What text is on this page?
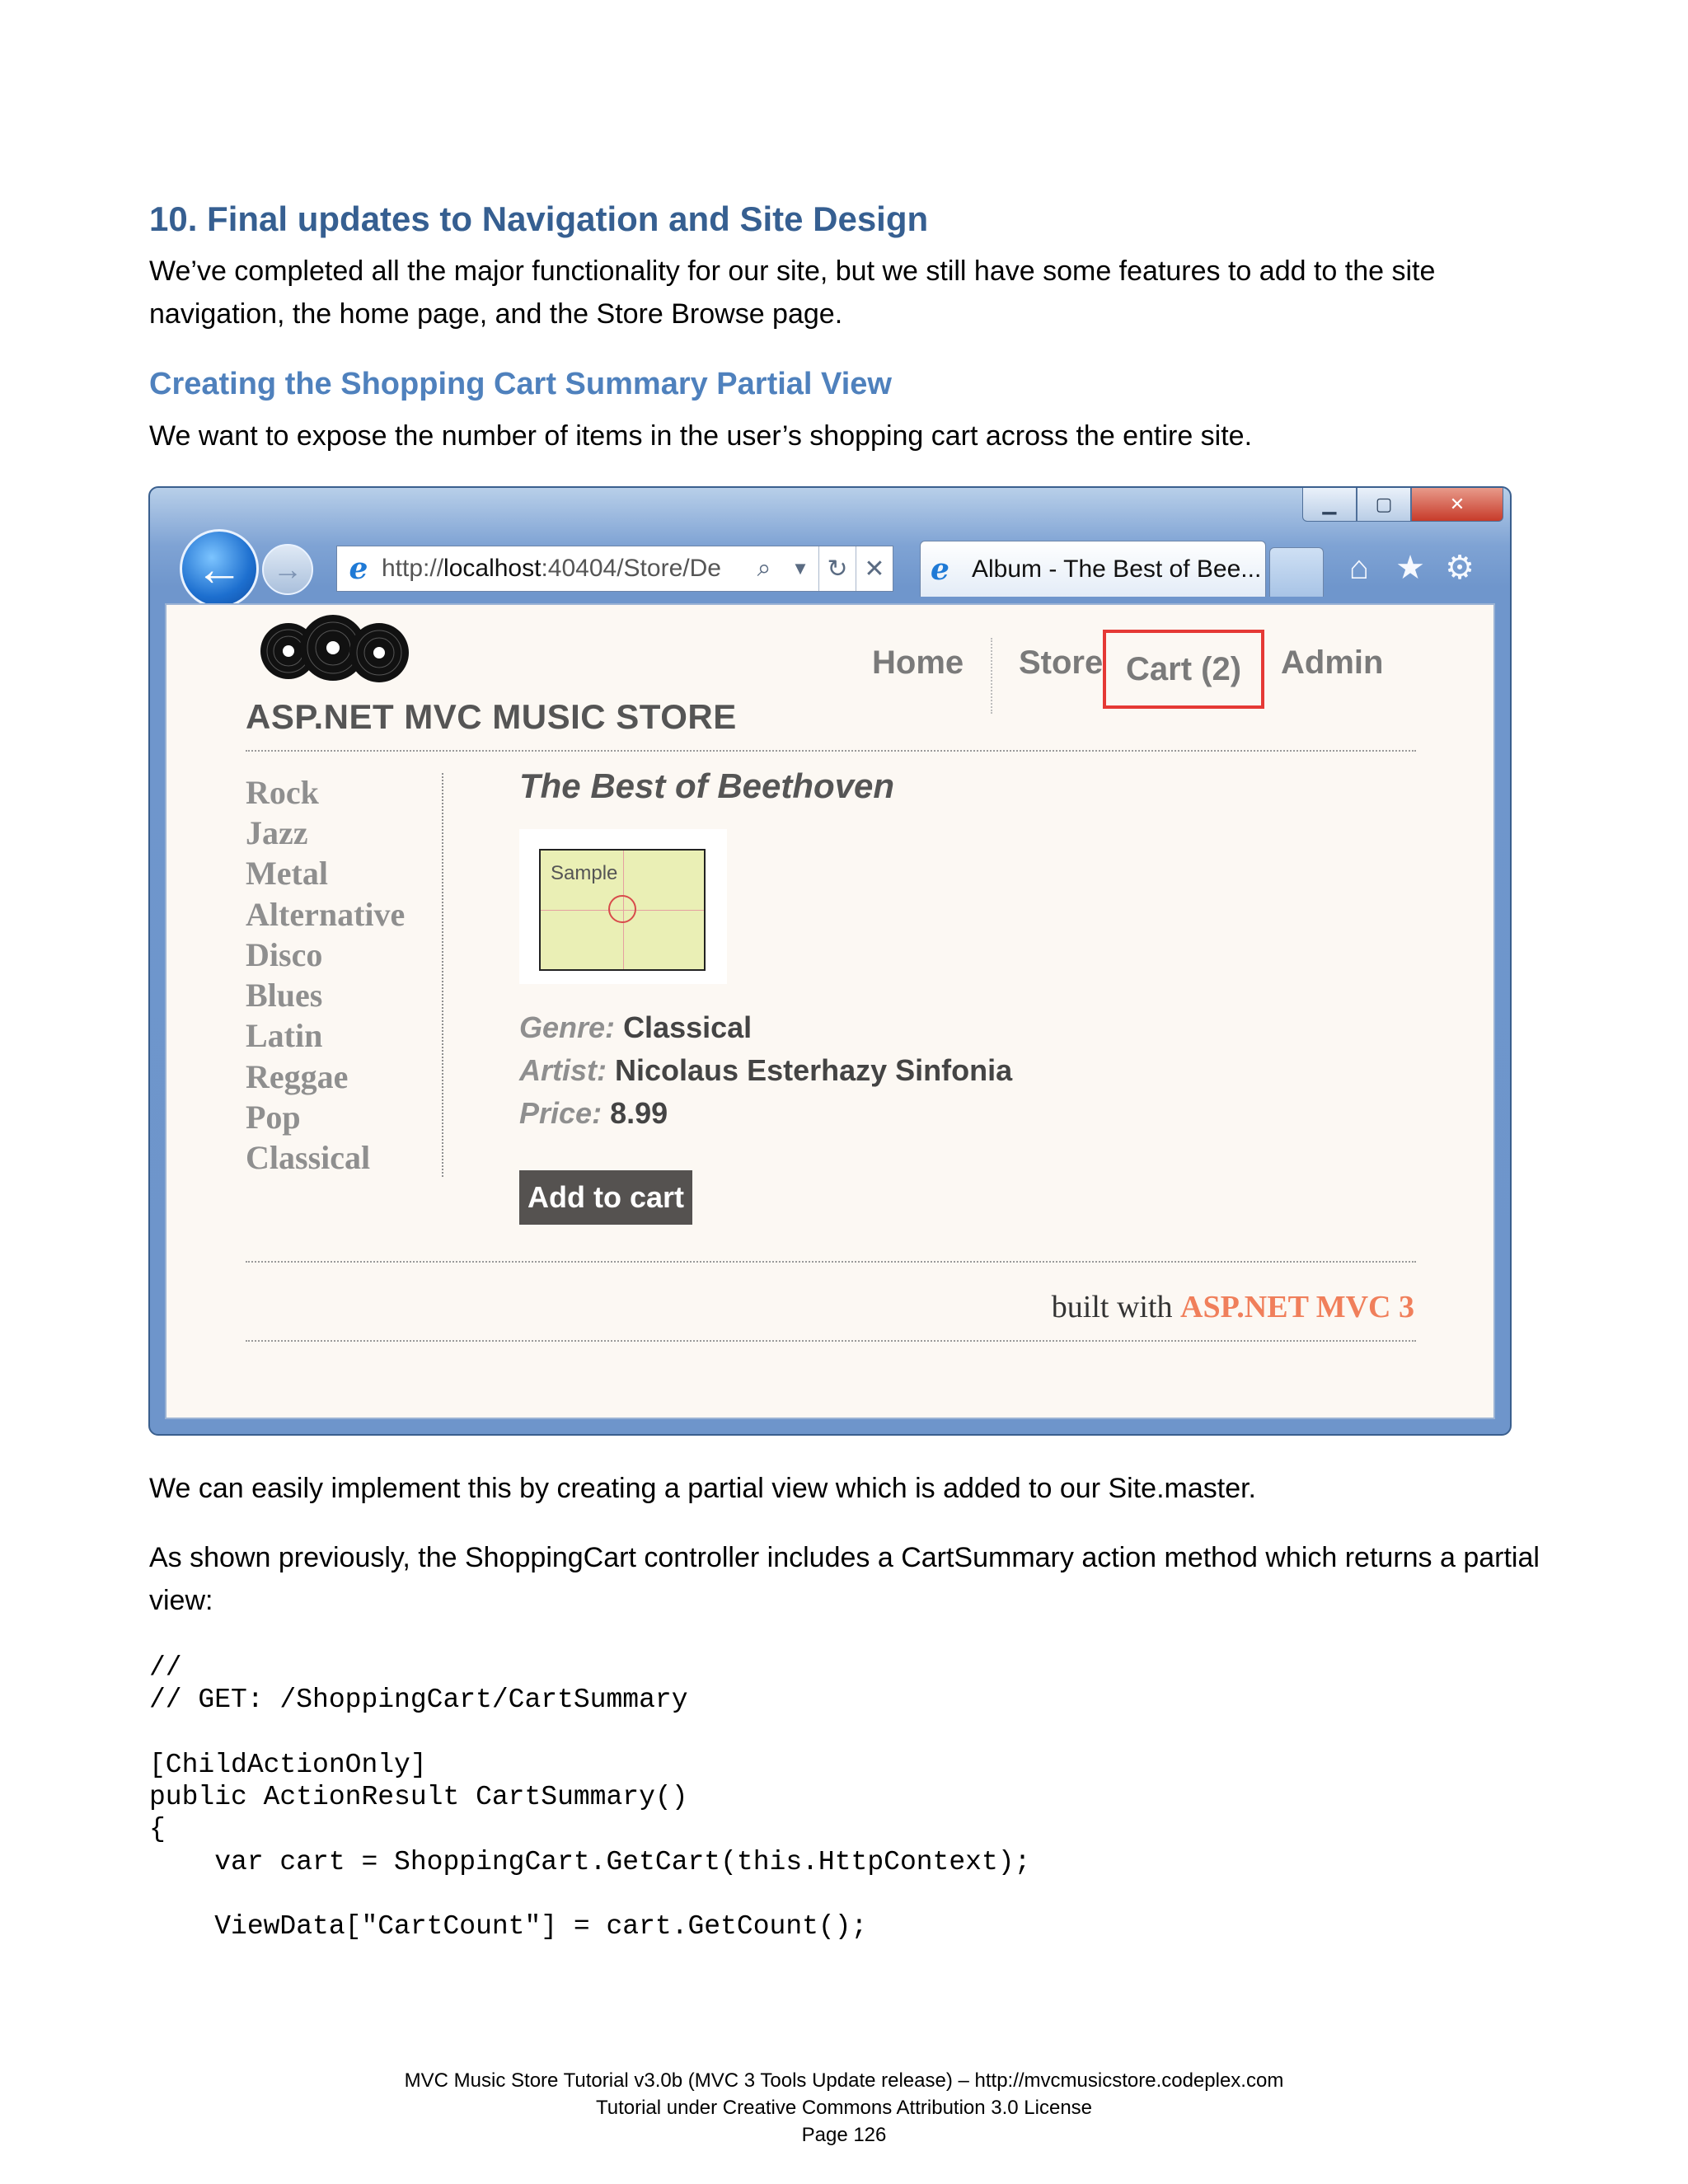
10. Final updates to Navigation and Site Design
We’ve completed all the major functionality for our site, but we still have some features to add to the site navigation, the home page, and the Store Browse page.
Creating the Shopping Cart Summary Partial View
We want to expose the number of items in the user’s shopping cart across the entire site.
▁	▢	✕
← → e http://localhost:40404/Store/De	⌕	▼ ↻ ✕ e Album - The Best of Bee...	⌂ ★ ⚙
ASP.NET MVC MUSIC STORE
Home Store Cart (2)	Admin
Rock
Jazz
Metal
Alternative
Disco
Blues
Latin
Reggae
Pop
Classical
The Best of Beethoven
Sample
Genre: Classical
Artist: Nicolaus Esterhazy Sinfonia
Price: 8.99
Add to cart
built with ASP.NET MVC 3
We can easily implement this by creating a partial view which is added to our Site.master.
As shown previously, the ShoppingCart controller includes a CartSummary action method which returns a partial view:
//
// GET: /ShoppingCart/CartSummary

[ChildActionOnly]
public ActionResult CartSummary()
{
var cart = ShoppingCart.GetCart(this.HttpContext);

ViewData["CartCount"] = cart.GetCount();
MVC Music Store Tutorial v3.0b (MVC 3 Tools Update release) – http://mvcmusicstore.codeplex.com
Tutorial under Creative Commons Attribution 3.0 License
Page 126
